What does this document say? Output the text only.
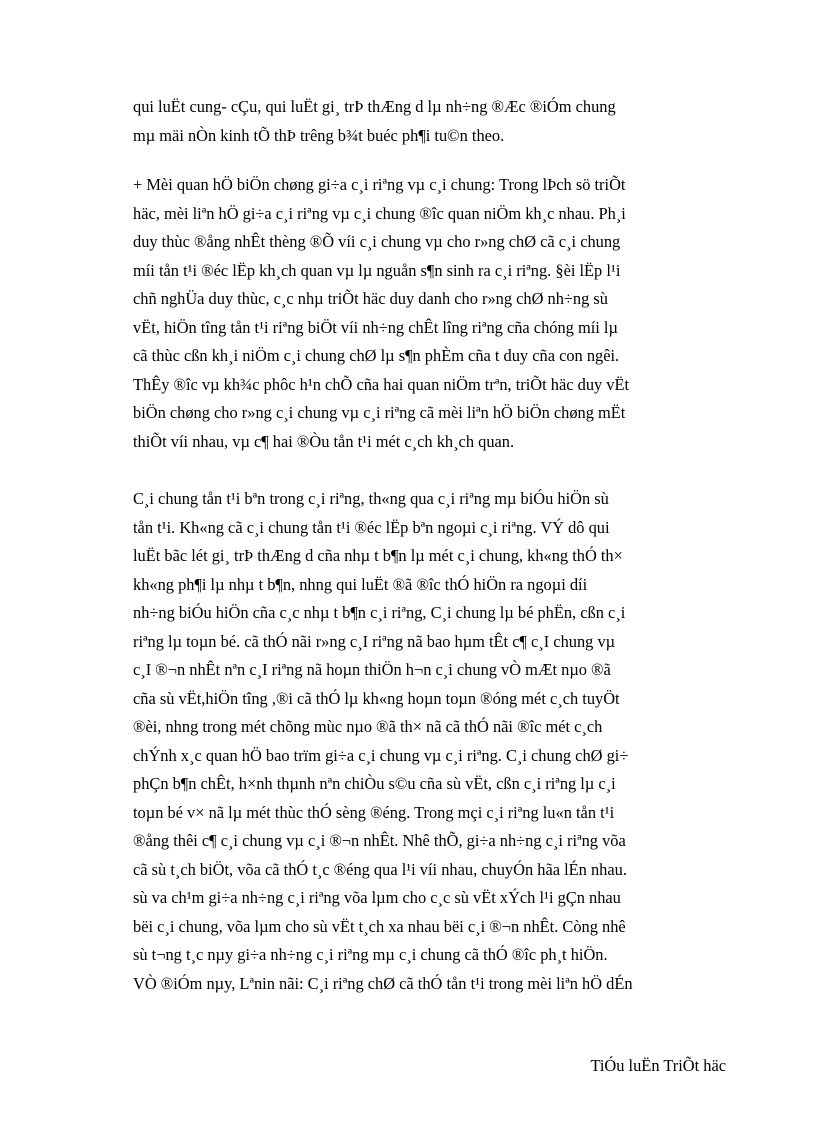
qui luËt cung- cÇu, qui luËt gi¸ trÞ thÆng d lµ nh÷ng ®Æc ®iÓm chung
mµ mäi nÒn kinh tÕ thÞ trêng b¾t buéc ph¶i tu©n theo.
+ Mèi quan hÖ biÖn chøng gi÷a c¸i riªng vµ c¸i chung: Trong lÞch sö triÕt
häc, mèi liªn hÖ gi÷a c¸i riªng vµ c¸i chung ®îc quan niÖm kh¸c nhau. Ph¸i
duy thùc ®ång nhÊt thèng ®Õ víi c¸i chung vµ cho r»ng chØ cã c¸i chung
míi tån t¹i ®éc lËp kh¸ch quan vµ lµ nguån s¶n sinh ra c¸i riªng. §èi lËp l¹i
chñ nghÜa duy thùc, c¸c nhµ triÕt häc duy danh cho r»ng chØ nh÷ng sù
vËt, hiÖn tîng tån t¹i riªng biÖt víi nh÷ng chÊt lîng riªng cña chóng míi lµ
cã thùc cßn kh¸i niÖm c¸i chung chØ lµ s¶n phÈm cña t duy cña con ngêi.
ThÊy ®îc vµ kh¾c phôc h¹n chÕ cña hai quan niÖm trªn, triÕt häc duy vËt
biÖn chøng cho r»ng c¸i chung vµ c¸i riªng cã mèi liªn hÖ biÖn chøng mËt
thiÕt víi nhau, vµ c¶ hai ®Òu tån t¹i mét c¸ch kh¸ch quan.
C¸i chung tån t¹i bªn trong c¸i riªng, th«ng qua c¸i riªng mµ biÓu hiÖn sù
tån t¹i. Kh«ng cã c¸i chung tån t¹i ®éc lËp bªn ngoµi c¸i riªng. VÝ dô qui
luËt bãc lét gi¸ trÞ thÆng d cña nhµ t b¶n lµ mét c¸i chung, kh«ng thÓ th×
kh«ng ph¶i lµ nhµ t b¶n, nhng qui luËt ®ã ®îc thÓ hiÖn ra ngoµi díi
nh÷ng biÓu hiÖn cña c¸c nhµ t b¶n c¸i riªng, C¸i chung lµ bé phËn, cßn c¸i
riªng lµ toµn bé. cã thÓ nãi r»ng c¸I riªng nã bao hµm tÊt c¶ c¸I chung vµ
c¸I ®¬n nhÊt nªn c¸I riªng nã hoµn thiÖn h¬n c¸i chung vÒ mÆt nµo ®ã
cña sù vËt,hiÖn tîng ,®i cã thÓ lµ kh«ng hoµn toµn ®óng mét c¸ch tuyÖt
®èi, nhng trong mét chõng mùc nµo ®ã th× nã cã thÓ nãi ®îc mét c¸ch
chÝnh x¸c quan hÖ bao trïm gi÷a c¸i chung vµ c¸i riªng. C¸i chung chØ gi÷
phÇn b¶n chÊt, h×nh thµnh nªn chiÒu s©u cña sù vËt, cßn c¸i riªng lµ c¸i
toµn bé v× nã lµ mét thùc thÓ sèng ®éng. Trong mçi c¸i riªng lu«n tån t¹i
®ång thêi c¶ c¸i chung vµ c¸i ®¬n nhÊt. Nhê thÕ, gi÷a nh÷ng c¸i riªng võa
cã sù t¸ch biÖt, võa cã thÓ t¸c ®éng qua l¹i víi nhau, chuyÓn hãa lÉn nhau.
sù va ch¹m gi÷a nh÷ng c¸i riªng võa lµm cho c¸c sù vËt xÝch l¹i gÇn nhau
bëi c¸i chung, võa lµm cho sù vËt t¸ch xa nhau bëi c¸i ®¬n nhÊt. Còng nhê
sù t¬ng t¸c nµy gi÷a nh÷ng c¸i riªng mµ c¸i chung cã thÓ ®îc ph¸t hiÖn.
VÒ ®iÓm nµy, Lªnin nãi: C¸i riªng chØ cã thÓ tån t¹i trong mèi liªn hÖ dÉn
TiÓu luËn TriÕt häc
